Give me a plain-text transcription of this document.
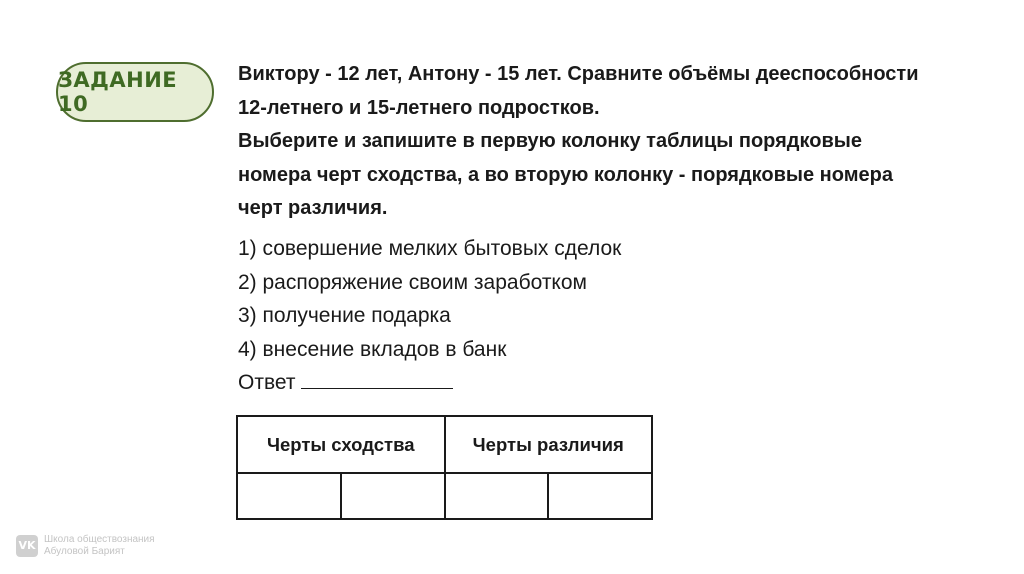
ЗАДАНИЕ 10
Виктору - 12 лет, Антону - 15 лет. Сравните объёмы дееспособности
12-летнего и 15-летнего подростков.
Выберите и запишите в первую колонку таблицы порядковые
номера черт сходства, а во вторую колонку - порядковые номера
черт различия.
1) совершение мелких бытовых сделок
2) распоряжение своим заработком
3) получение подарка
4) внесение вкладов в банк
Ответ
Черты сходства		Черты различия	

VK Школа обществознания
Абуловой Барият
